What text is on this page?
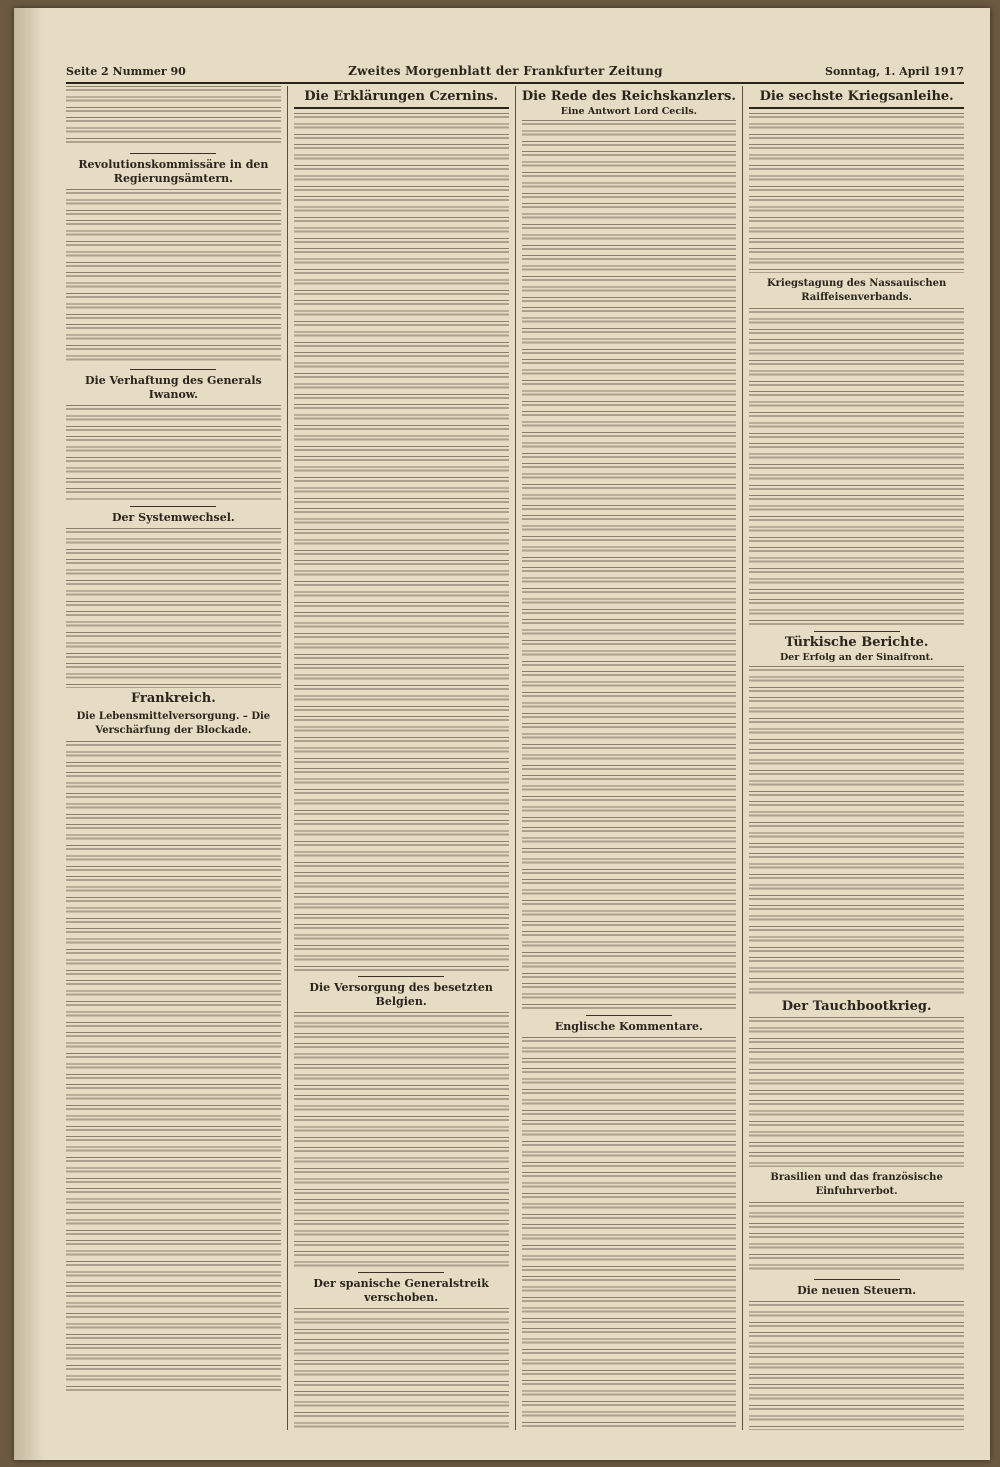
Seite 2 Nummer 90	Zweites Morgenblatt der Frankfurter Zeitung	Sonntag, 1. April 1917
Revolutionskommissäre in den Regierungsämtern.
Die Verhaftung des Generals Iwanow.
Der Systemwechsel.
Frankreich.
Die Lebensmittelversorgung. – Die Verschärfung der Blockade.
Die Erklärungen Czernins.
Die Versorgung des besetzten Belgien.
Der spanische Generalstreik verschoben.
Die Rede des Reichskanzlers.
Eine Antwort Lord Cecils.
Englische Kommentare.
Die sechste Kriegsanleihe.
Kriegstagung des Nassauischen Raiffeisenverbands.
Türkische Berichte.
Der Erfolg an der Sinaifront.
Der Tauchbootkrieg.
Brasilien und das französische Einfuhrverbot.
Die neuen Steuern.
